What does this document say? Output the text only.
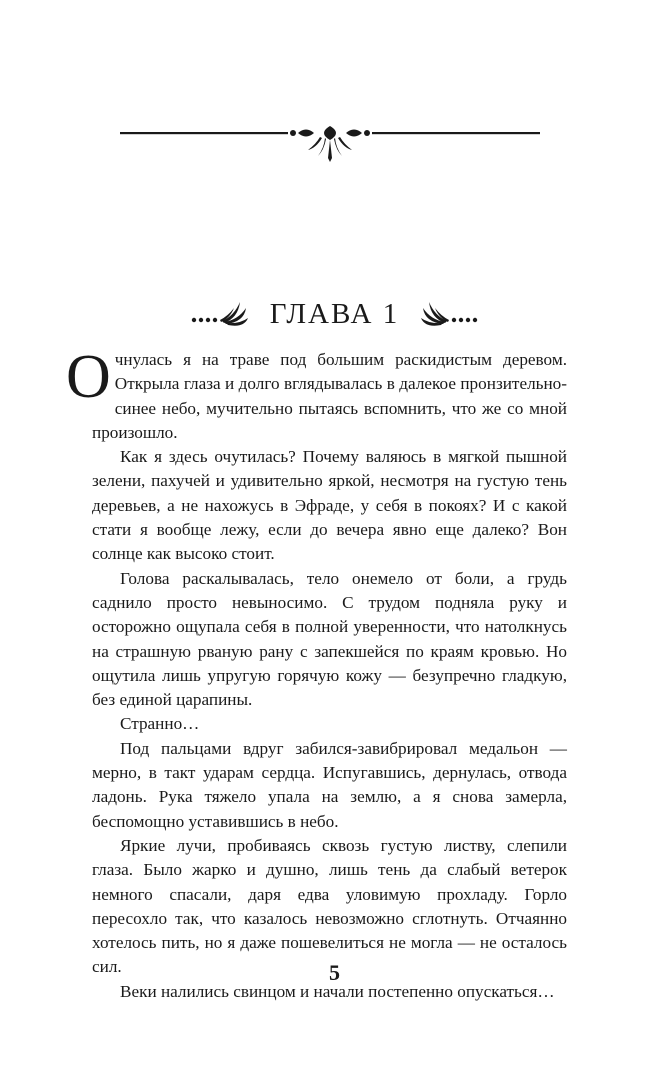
ГЛАВА 1

Очнулась я на траве под большим раскидистым деревом. Открыла глаза и долго вглядывалась в далекое пронзительно-синее небо, мучительно пытаясь вспомнить, что же со мной произошло.

Как я здесь очутилась? Почему валяюсь в мягкой пышной зелени, пахучей и удивительно яркой, несмотря на густую тень деревьев, а не нахожусь в Эфраде, у себя в покоях? И с какой стати я вообще лежу, если до вечера явно еще далеко? Вон солнце как высоко стоит.

Голова раскалывалась, тело онемело от боли, а грудь саднило просто невыносимо. С трудом подняла руку и осторожно ощупала себя в полной уверенности, что натолкнусь на страшную рваную рану с запекшейся по краям кровью. Но ощутила лишь упругую горячую кожу — безупречно гладкую, без единой царапины.

Странно…

Под пальцами вдруг забился-завибрировал медальон — мерно, в такт ударам сердца. Испугавшись, дернулась, отвода ладонь. Рука тяжело упала на землю, а я снова замерла, беспомощно уставившись в небо.

Яркие лучи, пробиваясь сквозь густую листву, слепили глаза. Было жарко и душно, лишь тень да слабый ветерок немного спасали, даря едва уловимую прохладу. Горло пересохло так, что казалось невозможно сглотнуть. Отчаянно хотелось пить, но я даже пошевелиться не могла — не осталось сил.

Веки налились свинцом и начали постепенно опускаться…

5
